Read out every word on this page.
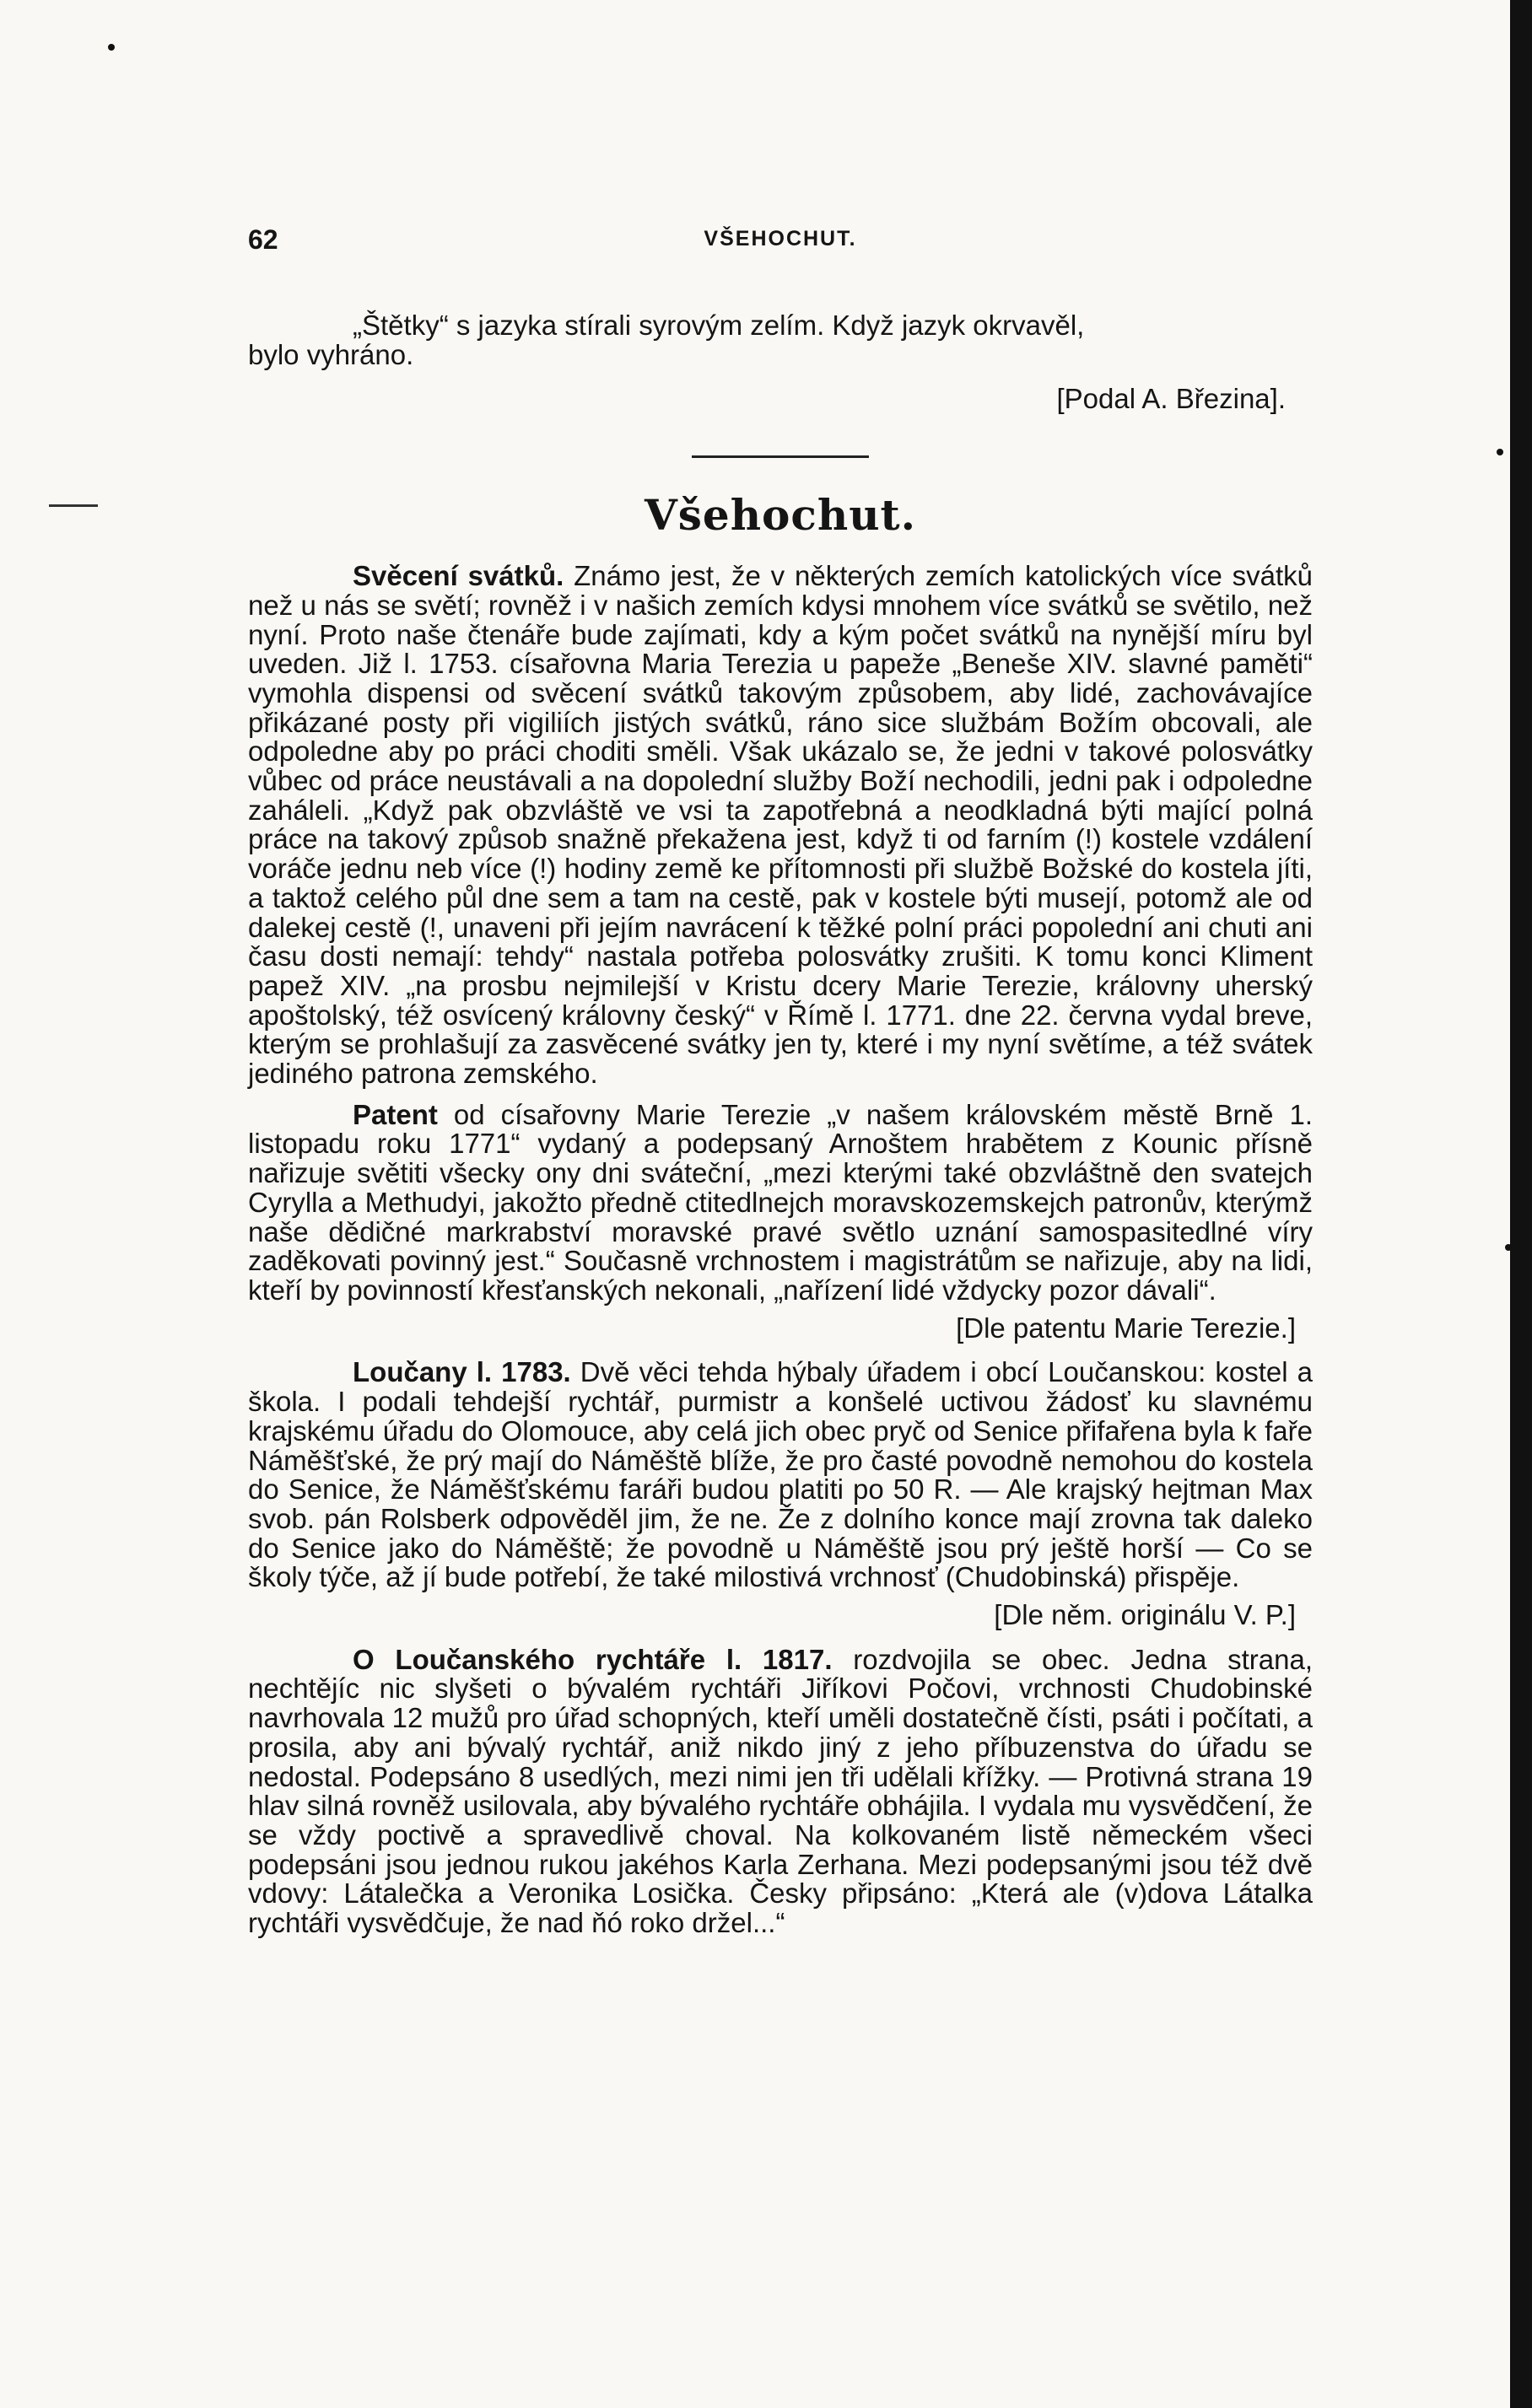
62	VŠEHOCHUT.

„Štětky“ s jazyka stírali syrovým zelím. Když jazyk okrvavěl,

bylo vyhráno.

[Podal A. Březina].

Všehochut.

Svěcení svátků. Známo jest, že v některých zemích katolických více svátků než u nás se světí; rovněž i v našich zemích kdysi mnohem více svátků se světilo, než nyní. Proto naše čtenáře bude zajímati, kdy a kým počet svátků na nynější míru byl uveden. Již l. 1753. císařovna Maria Terezia u papeže „Beneše XIV. slavné paměti“ vymohla dispensi od svěcení svátků takovým způsobem, aby lidé, zachovávajíce přikázané posty při vigiliích jistých svátků, ráno sice službám Božím obcovali, ale odpoledne aby po práci choditi směli. Však ukázalo se, že jedni v takové polosvátky vůbec od práce neustávali a na dopolední služby Boží nechodili, jedni pak i odpoledne zaháleli. „Když pak obzvláště ve vsi ta zapotřebná a neodkladná býti mající polná práce na takový způsob snažně překažena jest, když ti od farním (!) kostele vzdálení voráče jednu neb více (!) hodiny země ke přítomnosti při službě Božské do kostela jíti, a taktož celého půl dne sem a tam na cestě, pak v kostele býti musejí, potomž ale od dalekej cestě (!, unaveni při jejím navrácení k těžké polní práci popolední ani chuti ani času dosti nemají: tehdy“ nastala potřeba polosvátky zrušiti. K tomu konci Kliment papež XIV. „na prosbu nejmilejší v Kristu dcery Marie Terezie, královny uherský apoštolský, též osvícený královny český“ v Římě l. 1771. dne 22. června vydal breve, kterým se prohlašují za zasvěcené svátky jen ty, které i my nyní světíme, a též svátek jediného patrona zemského.

Patent od císařovny Marie Terezie „v našem královském městě Brně 1. listopadu roku 1771“ vydaný a podepsaný Arnoštem hrabětem z Kounic přísně nařizuje světiti všecky ony dni sváteční, „mezi kterými také obzvláštně den svatejch Cyrylla a Methudyi, jakožto předně ctitedlnejch moravskozemskejch patronův, kterýmž naše dědičné markrabství moravské pravé světlo uznání samospasitedlné víry zaděkovati povinný jest.“ Současně vrchnostem i magistrátům se nařizuje, aby na lidi, kteří by povinností křesťanských nekonali, „nařízení lidé vždycky pozor dávali“.

[Dle patentu Marie Terezie.]

Loučany l. 1783. Dvě věci tehda hýbaly úřadem i obcí Loučanskou: kostel a škola. I podali tehdejší rychtář, purmistr a konšelé uctivou žádosť ku slavnému krajskému úřadu do Olomouce, aby celá jich obec pryč od Senice přifařena byla k faře Náměšťské, že prý mají do Náměště blíže, že pro časté povodně nemohou do kostela do Senice, že Náměšťskému faráři budou platiti po 50 R. — Ale krajský hejtman Max svob. pán Rolsberk odpověděl jim, že ne. Že z dolního konce mají zrovna tak daleko do Senice jako do Náměště; že povodně u Náměště jsou prý ještě horší — Co se školy týče, až jí bude potřebí, že také milostivá vrchnosť (Chudobinská) přispěje.

[Dle něm. originálu V. P.]

O Loučanského rychtáře l. 1817. rozdvojila se obec. Jedna strana, nechtějíc nic slyšeti o bývalém rychtáři Jiříkovi Počovi, vrchnosti Chudobinské navrhovala 12 mužů pro úřad schopných, kteří uměli dostatečně čísti, psáti i počítati, a prosila, aby ani bývalý rychtář, aniž nikdo jiný z jeho příbuzenstva do úřadu se nedostal. Podepsáno 8 usedlých, mezi nimi jen tři udělali křížky. — Protivná strana 19 hlav silná rovněž usilovala, aby bývalého rychtáře obhájila. I vydala mu vysvědčení, že se vždy poctivě a spravedlivě choval. Na kolkovaném listě německém všeci podepsáni jsou jednou rukou jakéhos Karla Zerhana. Mezi podepsanými jsou též dvě vdovy: Látalečka a Veronika Losička. Česky připsáno: „Která ale (v)dova Látalka rychtáři vysvědčuje, že nad ňó roko držel...“
